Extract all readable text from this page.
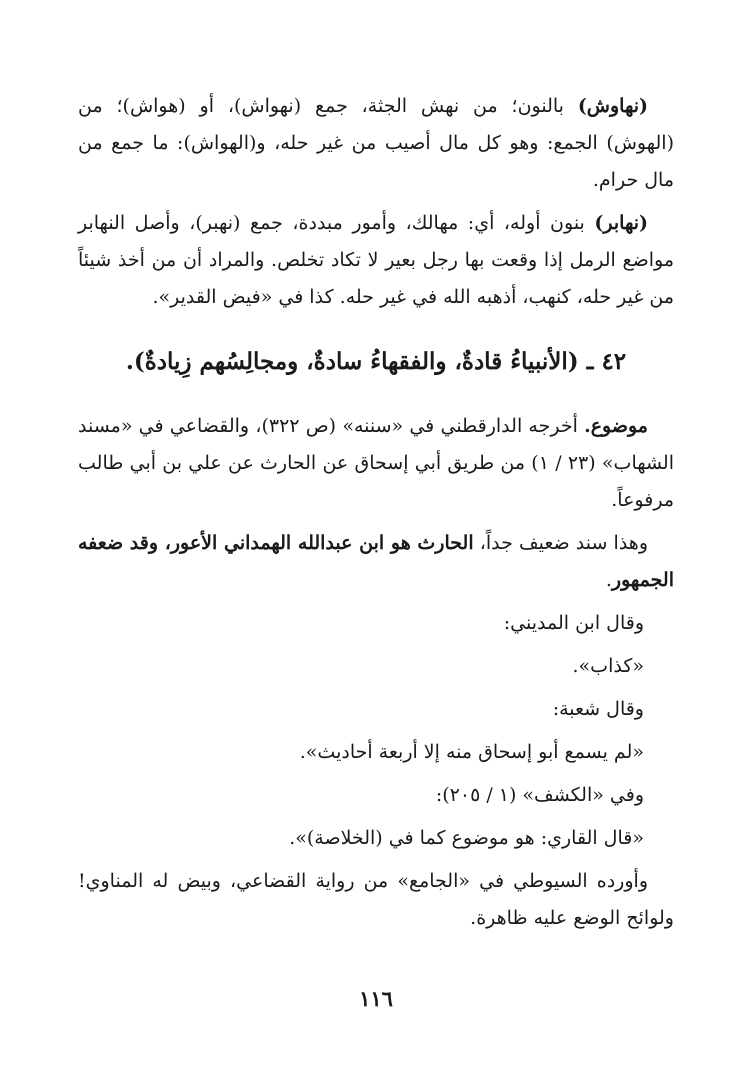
(نهاوش) بالنون؛ من نهش الجثة، جمع (نهواش)، أو (هواش)؛ من (الهوش) الجمع: وهو كل مال أصيب من غير حله، و(الهواش): ما جمع من مال حرام.

(نهابر) بنون أوله، أي: مهالك، وأمور مبددة، جمع (نهبر)، وأصل النهابر مواضع الرمل إذا وقعت بها رجل بعير لا تكاد تخلص. والمراد أن من أخذ شيئاً من غير حله، كنهب، أذهبه الله في غير حله. كذا في «فيض القدير».

٤٢ ـ (الأنبياءُ قادةٌ، والفقهاءُ سادةٌ، ومجالِسُهم زِيادةٌ).

موضوع. أخرجه الدارقطني في «سننه» (ص ٣٢٢)، والقضاعي في «مسند الشهاب» (٢٣ / ١) من طريق أبي إسحاق عن الحارث عن علي بن أبي طالب مرفوعاً.

وهذا سند ضعيف جداً، الحارث هو ابن عبدالله الهمداني الأعور، وقد ضعفه الجمهور.

وقال ابن المديني:

«كذاب».

وقال شعبة:

«لم يسمع أبو إسحاق منه إلا أربعة أحاديث».

وفي «الكشف» (١ / ٢٠٥):

«قال القاري: هو موضوع كما في (الخلاصة)».

وأورده السيوطي في «الجامع» من رواية القضاعي، وبيض له المناوي! ولوائح الوضع عليه ظاهرة.

١١٦
